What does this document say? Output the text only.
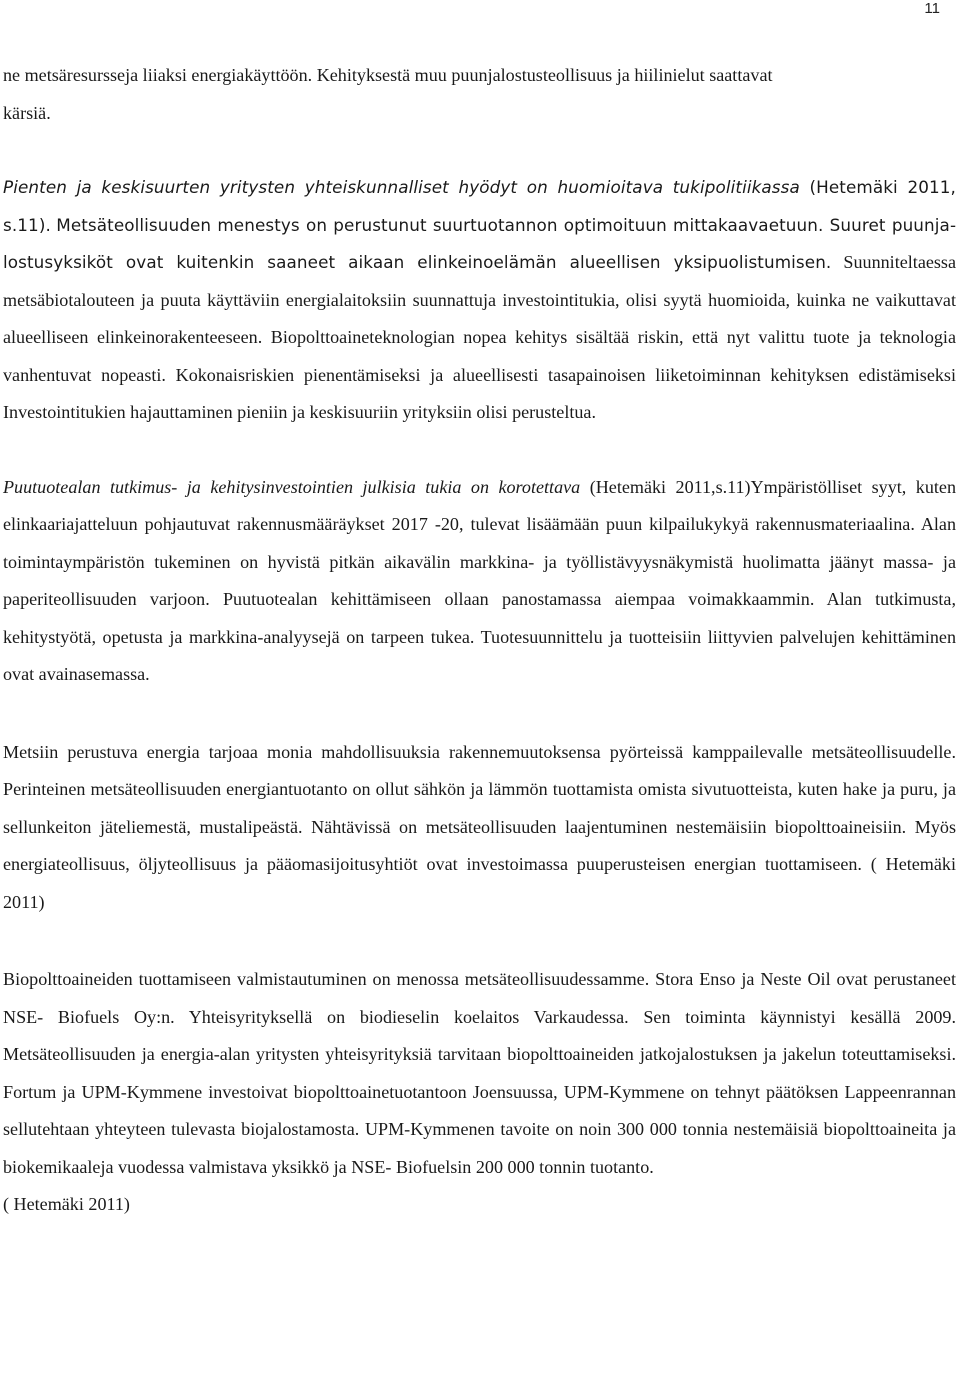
11

ne metsäresursseja liiaksi energiakäyttöön. Kehityksestä muu puunjalostusteollisuus ja hiilinielut saattavat
kärsiä.

Pienten ja keskisuurten yritysten yhteiskunnalliset hyödyt on huomioitava tukipolitiikassa (Hetemäki 2011, s.11). Metsäteollisuuden menestys on perustunut suurtuotannon optimoituun mittakaavaetuun. Suuret puunjalostusyksiköt ovat kuitenkin saaneet aikaan elinkeinoelämän alueellisen yksipuolistumisen. Suunniteltaessa metsäbiotalouteen ja puuta käyttäviin energialaitoksiin suunnattuja investointitukia, olisi syytä huomioida, kuinka ne vaikuttavat alueelliseen elinkeinorakenteeseen. Biopolttoaineteknologian nopea kehitys sisältää riskin, että nyt valittu tuote ja teknologia vanhentuvat nopeasti. Kokonaisriskien pienentämiseksi ja alueellisesti tasapainoisen liiketoiminnan kehityksen edistämiseksi Investointitukien hajauttaminen pieniin ja keskisuuriin yrityksiin olisi perusteltua.

Puutuotealan tutkimus- ja kehitysinvestointien julkisia tukia on korotettava (Hetemäki 2011,s.11)Ympäristölliset syyt, kuten elinkaariajatteluun pohjautuvat rakennusmääräykset 2017 -20, tulevat lisäämään puun kilpailukykyä rakennusmateriaalina. Alan toimintaympäristön tukeminen on hyvistä pitkän aikavälin markkina- ja työllistävyysnäkymistä huolimatta jäänyt massa- ja paperiteollisuuden varjoon. Puutuotealan kehittämiseen ollaan panostamassa aiempaa voimakkaammin. Alan tutkimusta, kehitystyötä, opetusta ja markkina-analyysejä on tarpeen tukea. Tuotesuunnittelu ja tuotteisiin liittyvien palvelujen kehittäminen ovat avainasemassa.

Metsiin perustuva energia tarjoaa monia mahdollisuuksia rakennemuutoksensa pyörteissä kamppailevalle metsäteollisuudelle. Perinteinen metsäteollisuuden energiantuotanto on ollut sähkön ja lämmön tuottamista omista sivutuotteista, kuten hake ja puru, ja sellunkeiton jäteliemestä, mustalipeästä. Nähtävissä on metsäteollisuuden laajentuminen nestemäisiin biopolttoaineisiin. Myös energiateollisuus, öljyteollisuus ja pääomasijoitusyhtiöt ovat investoimassa puuperusteisen energian tuottamiseen. ( Hetemäki 2011)

Biopolttoaineiden tuottamiseen valmistautuminen on menossa metsäteollisuudessamme. Stora Enso ja Neste Oil ovat perustaneet NSE- Biofuels Oy:n. Yhteisyrityksellä on biodieselin koelaitos Varkaudessa. Sen toiminta käynnistyi kesällä 2009. Metsäteollisuuden ja energia-alan yritysten yhteisyrityksiä tarvitaan biopolttoaineiden jatkojalostuksen ja jakelun toteuttamiseksi. Fortum ja UPM-Kymmene investoivat biopolttoainetuotantoon Joensuussa, UPM-Kymmene on tehnyt päätöksen Lappeenrannan sellutehtaan yhteyteen tulevasta biojalostamosta. UPM-Kymmenen tavoite on noin 300 000 tonnia nestemäisiä biopolttoaineita ja biokemikaaleja vuodessa valmistava yksikkö ja NSE- Biofuelsin 200 000 tonnin tuotanto.
( Hetemäki 2011)
